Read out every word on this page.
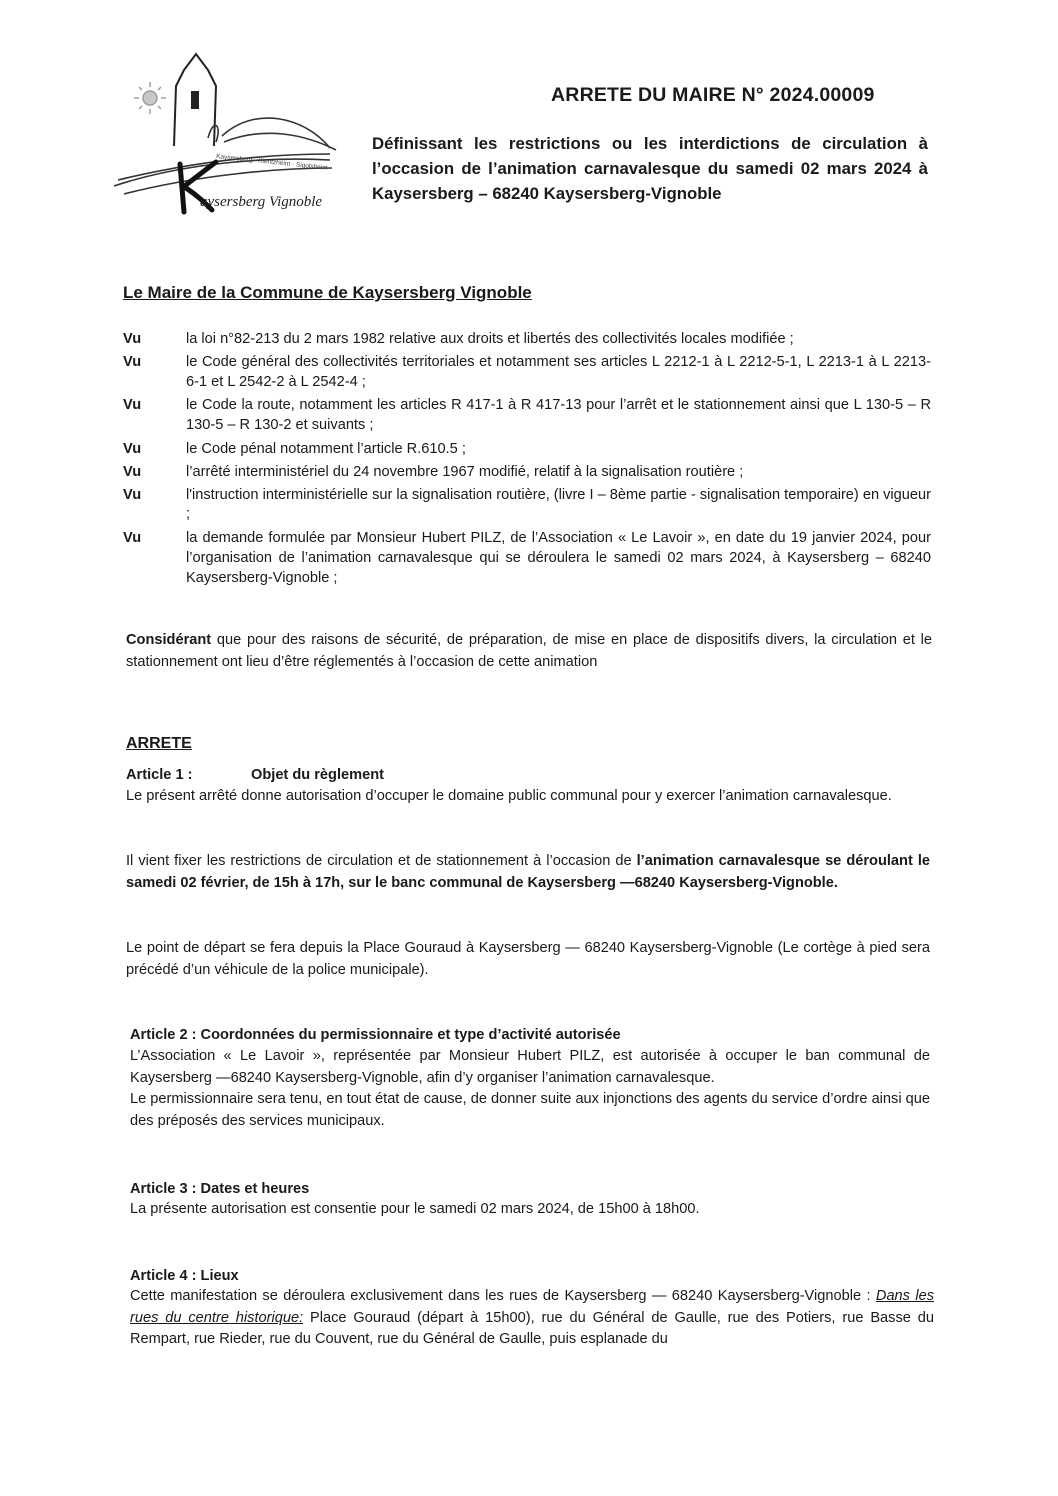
Kaysersberg · Kientzheim · Sigolsheim
aysersberg Vignoble
ARRETE DU MAIRE N° 2024.00009

Définissant les restrictions ou les interdictions de circulation à l’occasion de l’animation carnavalesque du samedi 02 mars 2024 à Kaysersberg – 68240 Kaysersberg-Vignoble

Le Maire de la Commune de Kaysersberg Vignoble
Vu	la loi n°82-213 du 2 mars 1982 relative aux droits et libertés des collectivités locales modifiée ;
Vu	le Code général des collectivités territoriales et notamment ses articles L 2212-1 à L 2212-5-1, L 2213-1 à L 2213-6-1 et L 2542-2 à L 2542-4 ;
Vu	le Code la route, notamment les articles R 417-1 à R 417-13 pour l’arrêt et le stationnement ainsi que L 130-5 – R 130-5 – R 130-2 et suivants ;
Vu	le Code pénal notamment l’article R.610.5 ;
Vu	l’arrêté interministériel du 24 novembre 1967 modifié, relatif à la signalisation routière ;
Vu	l'instruction interministérielle sur la signalisation routière, (livre I – 8ème partie - signalisation temporaire) en vigueur ;
Vu	la demande formulée par Monsieur Hubert PILZ, de l’Association « Le Lavoir », en date du 19 janvier 2024, pour l’organisation de l’animation carnavalesque qui se déroulera le samedi 02 mars 2024, à Kaysersberg – 68240 Kaysersberg-Vignoble ;

Considérant que pour des raisons de sécurité, de préparation, de mise en place de dispositifs divers, la circulation et le stationnement ont lieu d’être réglementés à l’occasion de cette animation

ARRETE

Article 1 :	Objet du règlement

Le présent arrêté donne autorisation d’occuper le domaine public communal pour y exercer l’animation carnavalesque.

Il vient fixer les restrictions de circulation et de stationnement à l’occasion de l’animation carnavalesque se déroulant le samedi 02 février, de 15h à 17h, sur le banc communal de Kaysersberg —68240 Kaysersberg-Vignoble.

Le point de départ se fera depuis la Place Gouraud à Kaysersberg — 68240 Kaysersberg-Vignoble (Le cortège à pied sera précédé d’un véhicule de la police municipale).

Article 2 : Coordonnées du permissionnaire et type d’activité autorisée

L’Association « Le Lavoir », représentée par Monsieur Hubert PILZ, est autorisée à occuper le ban communal de Kaysersberg —68240 Kaysersberg-Vignoble, afin d’y organiser l’animation carnavalesque.

Le permissionnaire sera tenu, en tout état de cause, de donner suite aux injonctions des agents du service d’ordre ainsi que des préposés des services municipaux.

Article 3 : Dates et heures

La présente autorisation est consentie pour le samedi 02 mars 2024, de 15h00 à 18h00.

Article 4 : Lieux

Cette manifestation se déroulera exclusivement dans les rues de Kaysersberg — 68240 Kaysersberg-Vignoble : Dans les rues du centre historique: Place Gouraud (départ à 15h00), rue du Général de Gaulle, rue des Potiers, rue Basse du Rempart, rue Rieder, rue du Couvent, rue du Général de Gaulle, puis esplanade du
